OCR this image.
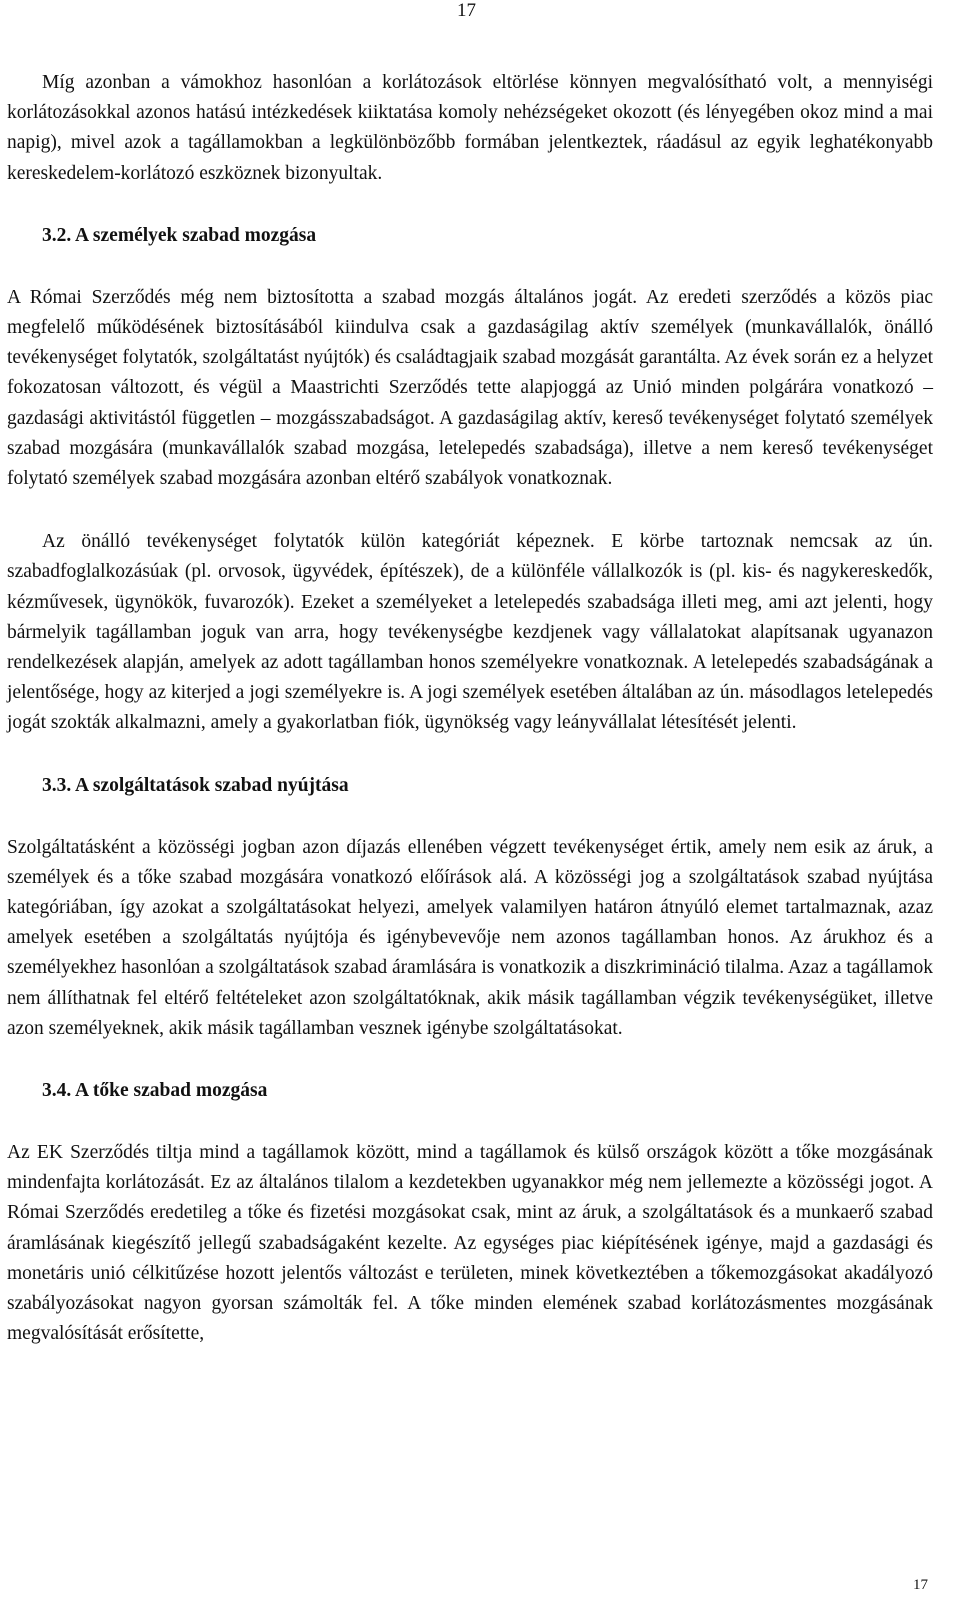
17

Míg azonban a vámokhoz hasonlóan a korlátozások eltörlése könnyen megvalósítható volt, a mennyiségi korlátozásokkal azonos hatású intézkedések kiiktatása komoly nehézségeket okozott (és lényegében okoz mind a mai napig), mivel azok a tagállamokban a legkülönbözőbb formában jelentkeztek, ráadásul az egyik leghatékonyabb kereskedelem-korlátozó eszköznek bizonyultak.

3.2. A személyek szabad mozgása

A Római Szerződés még nem biztosította a szabad mozgás általános jogát. Az eredeti szerződés a közös piac megfelelő működésének biztosításából kiindulva csak a gazdaságilag aktív személyek (munkavállalók, önálló tevékenységet folytatók, szolgáltatást nyújtók) és családtagjaik szabad mozgását garantálta. Az évek során ez a helyzet fokozatosan változott, és végül a Maastrichti Szerződés tette alapjoggá az Unió minden polgárára vonatkozó – gazdasági aktivitástól független – mozgásszabadságot. A gazdaságilag aktív, kereső tevékenységet folytató személyek szabad mozgására (munkavállalók szabad mozgása, letelepedés szabadsága), illetve a nem kereső tevékenységet folytató személyek szabad mozgására azonban eltérő szabályok vonatkoznak.

Az önálló tevékenységet folytatók külön kategóriát képeznek. E körbe tartoznak nemcsak az ún. szabadfoglalkozásúak (pl. orvosok, ügyvédek, építészek), de a különféle vállalkozók is (pl. kis- és nagykereskedők, kézművesek, ügynökök, fuvarozók). Ezeket a személyeket a letelepedés szabadsága illeti meg, ami azt jelenti, hogy bármelyik tagállamban joguk van arra, hogy tevékenységbe kezdjenek vagy vállalatokat alapítsanak ugyanazon rendelkezések alapján, amelyek az adott tagállamban honos személyekre vonatkoznak. A letelepedés szabadságának a jelentősége, hogy az kiterjed a jogi személyekre is. A jogi személyek esetében általában az ún. másodlagos letelepedés jogát szokták alkalmazni, amely a gyakorlatban fiók, ügynökség vagy leányvállalat létesítését jelenti.

3.3. A szolgáltatások szabad nyújtása

Szolgáltatásként a közösségi jogban azon díjazás ellenében végzett tevékenységet értik, amely nem esik az áruk, a személyek és a tőke szabad mozgására vonatkozó előírások alá. A közösségi jog a szolgáltatások szabad nyújtása kategóriában, így azokat a szolgáltatásokat helyezi, amelyek valamilyen határon átnyúló elemet tartalmaznak, azaz amelyek esetében a szolgáltatás nyújtója és igénybevevője nem azonos tagállamban honos. Az árukhoz és a személyekhez hasonlóan a szolgáltatások szabad áramlására is vonatkozik a diszkrimináció tilalma. Azaz a tagállamok nem állíthatnak fel eltérő feltételeket azon szolgáltatóknak, akik másik tagállamban végzik tevékenységüket, illetve azon személyeknek, akik másik tagállamban vesznek igénybe szolgáltatásokat.

3.4. A tőke szabad mozgása

Az EK Szerződés tiltja mind a tagállamok között, mind a tagállamok és külső országok között a tőke mozgásának mindenfajta korlátozását. Ez az általános tilalom a kezdetekben ugyanakkor még nem jellemezte a közösségi jogot. A Római Szerződés eredetileg a tőke és fizetési mozgásokat csak, mint az áruk, a szolgáltatások és a munkaerő szabad áramlásának kiegészítő jellegű szabadságaként kezelte. Az egységes piac kiépítésének igénye, majd a gazdasági és monetáris unió célkitűzése hozott jelentős változást e területen, minek következtében a tőkemozgásokat akadályozó szabályozásokat nagyon gyorsan számolták fel. A tőke minden elemének szabad korlátozásmentes mozgásának megvalósítását erősítette,

17
